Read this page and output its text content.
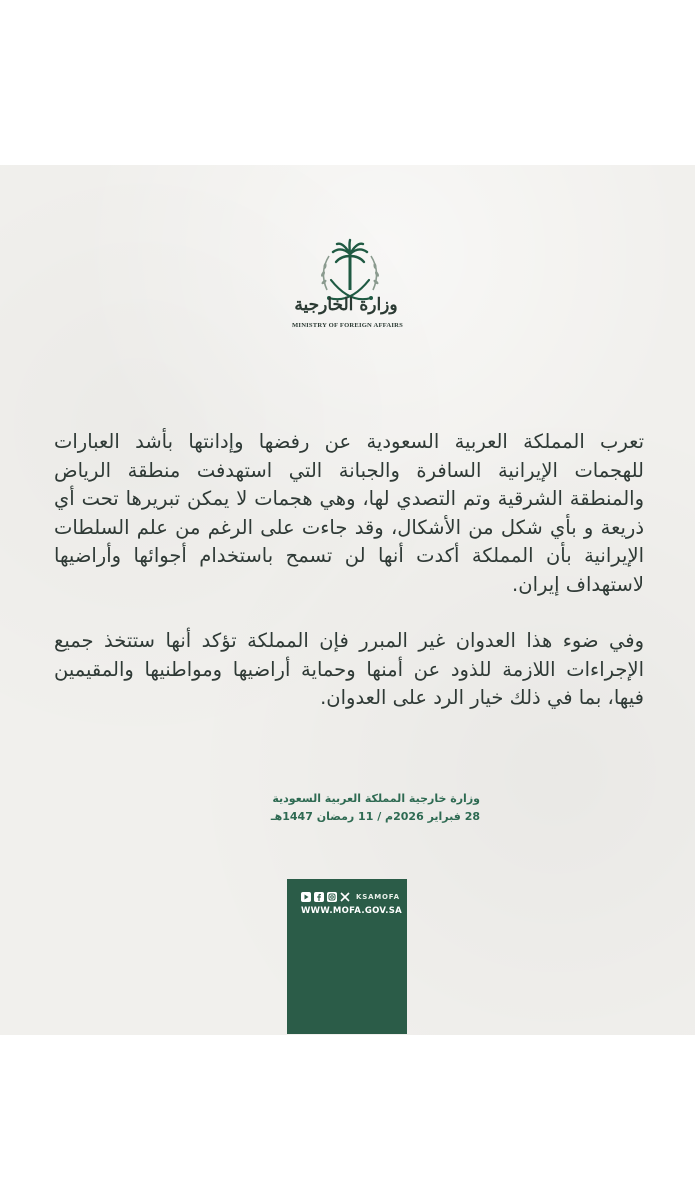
وزارة الخارجية
MINISTRY OF FOREIGN AFFAIRS

تعرب المملكة العربية السعودية عن رفضها وإدانتها بأشد العبارات للهجمات الإيرانية السافرة والجبانة التي استهدفت منطقة الرياض والمنطقة الشرقية وتم التصدي لها، وهي هجمات لا يمكن تبريرها تحت أي ذريعة و بأي شكل من الأشكال، وقد جاءت على الرغم من علم السلطات الإيرانية بأن المملكة أكدت أنها لن تسمح باستخدام أجوائها وأراضيها لاستهداف إيران.

وفي ضوء هذا العدوان غير المبرر فإن المملكة تؤكد أنها ستتخذ جميع الإجراءات اللازمة للذود عن أمنها وحماية أراضيها ومواطنيها والمقيمين فيها، بما في ذلك خيار الرد على العدوان.

وزارة خارجية المملكة العربية السعودية
28 فبراير 2026م / 11 رمضان 1447هـ
KSAMOFA
WWW.MOFA.GOV.SA
